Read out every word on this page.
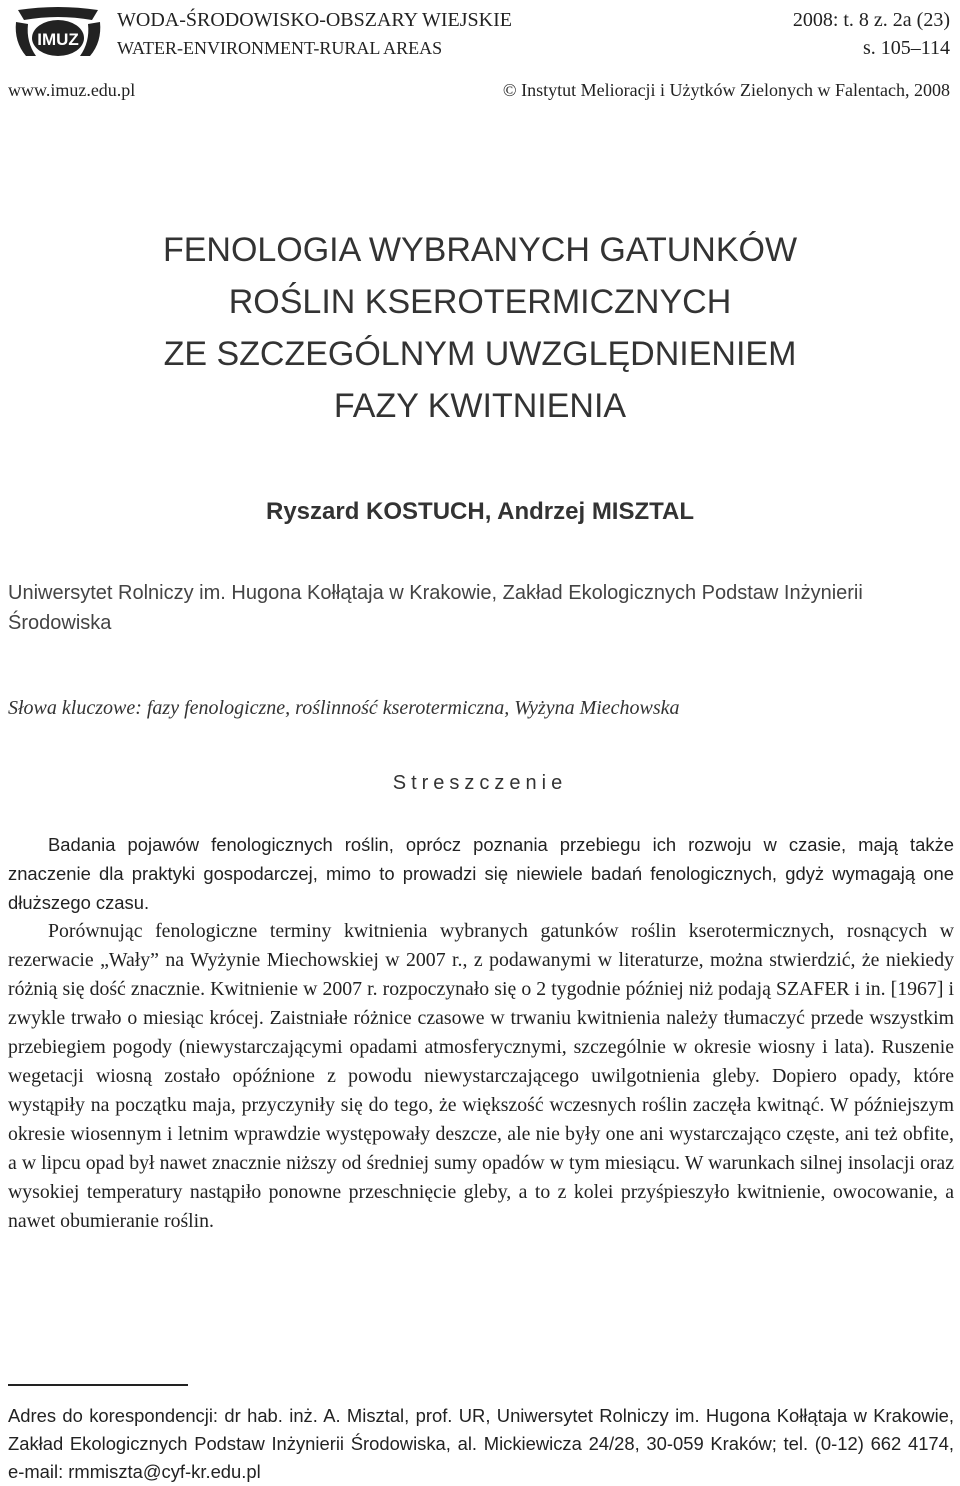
IMUZ
WODA-ŚRODOWISKO-OBSZARY WIEJSKIE
WATER-ENVIRONMENT-RURAL AREAS
2008: t. 8 z. 2a (23)
s. 105–114
www.imuz.edu.pl	© Instytut Melioracji i Użytków Zielonych w Falentach, 2008
FENOLOGIA WYBRANYCH GATUNKÓW
ROŚLIN KSEROTERMICZNYCH
ZE SZCZEGÓLNYM UWZGLĘDNIENIEM
FAZY KWITNIENIA
Ryszard KOSTUCH, Andrzej MISZTAL
Uniwersytet Rolniczy im. Hugona Kołłątaja w Krakowie, Zakład Ekologicznych Podstaw Inżynierii Środowiska
Słowa kluczowe: fazy fenologiczne, roślinność kserotermiczna, Wyżyna Miechowska
Streszczenie

Badania pojawów fenologicznych roślin, oprócz poznania przebiegu ich rozwoju w czasie, mają także znaczenie dla praktyki gospodarczej, mimo to prowadzi się niewiele badań fenologicznych, gdyż wymagają one dłuższego czasu.

Porównując fenologiczne terminy kwitnienia wybranych gatunków roślin kserotermicznych, rosnących w rezerwacie „Wały” na Wyżynie Miechowskiej w 2007 r., z podawanymi w literaturze, można stwierdzić, że niekiedy różnią się dość znacznie. Kwitnienie w 2007 r. rozpoczynało się o 2 tygodnie później niż podają SZAFER i in. [1967] i zwykle trwało o miesiąc krócej. Zaistniałe różnice czasowe w trwaniu kwitnienia należy tłumaczyć przede wszystkim przebiegiem pogody (niewystarczającymi opadami atmosferycznymi, szczególnie w okresie wiosny i lata). Ruszenie wegetacji wiosną zostało opóźnione z powodu niewystarczającego uwilgotnienia gleby. Dopiero opady, które wystąpiły na początku maja, przyczyniły się do tego, że większość wczesnych roślin zaczęła kwitnąć. W późniejszym okresie wiosennym i letnim wprawdzie występowały deszcze, ale nie były one ani wystarczająco częste, ani też obfite, a w lipcu opad był nawet znacznie niższy od średniej sumy opadów w tym miesiącu. W warunkach silnej insolacji oraz wysokiej temperatury nastąpiło ponowne przeschnięcie gleby, a to z kolei przyśpieszyło kwitnienie, owocowanie, a nawet obumieranie roślin.

Adres do korespondencji: dr hab. inż. A. Misztal, prof. UR, Uniwersytet Rolniczy im. Hugona Kołłątaja w Krakowie, Zakład Ekologicznych Podstaw Inżynierii Środowiska, al. Mickiewicza 24/28, 30-059 Kraków; tel. (0-12) 662 4174, e-mail: rmmiszta@cyf-kr.edu.pl
